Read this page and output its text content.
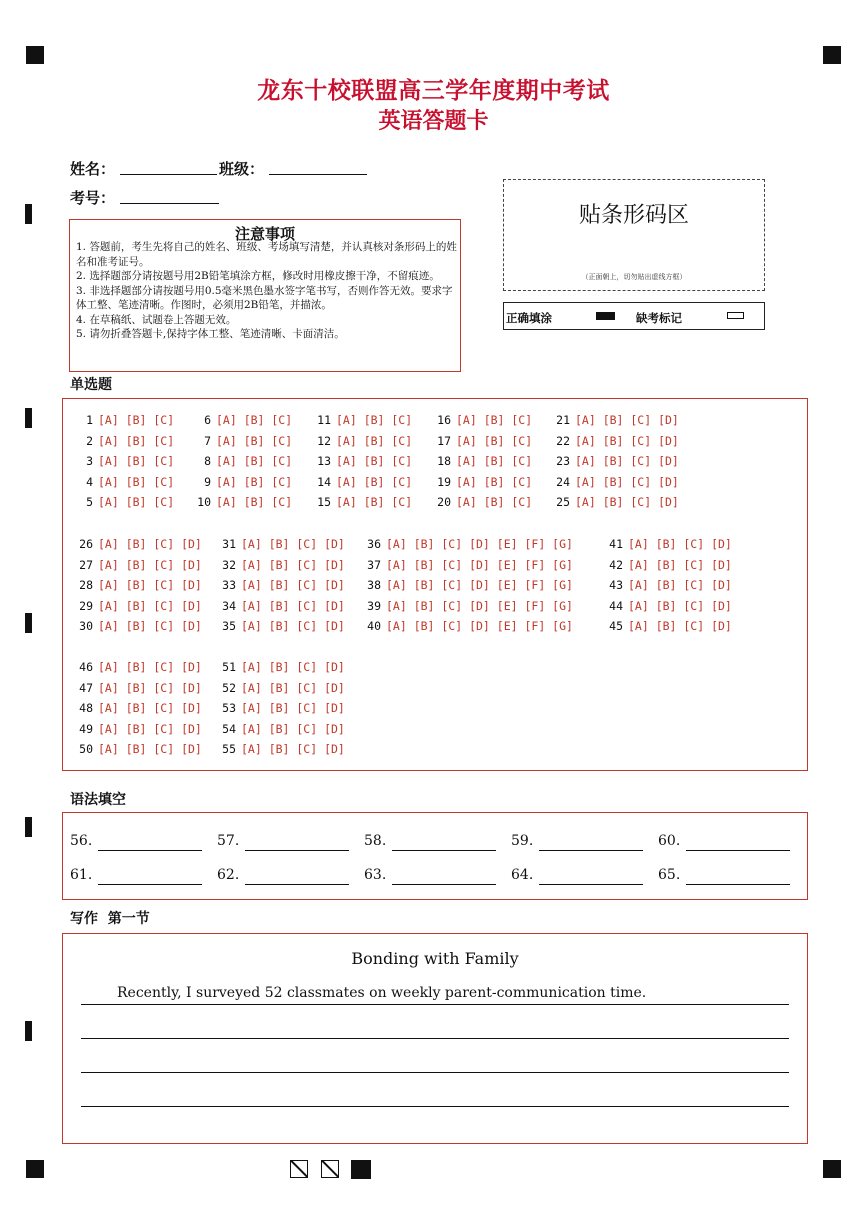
龙东十校联盟高三学年度期中考试
英语答题卡
姓名：	班级：
考号：
注意事项
1. 答题前，考生先将自己的姓名、班级、考场填写清楚，并认真核对条形码上的姓名和准考证号。
2. 选择题部分请按题号用2B铅笔填涂方框，修改时用橡皮擦干净，不留痕迹。
3. 非选择题部分请按题号用0.5毫米黑色墨水签字笔书写，否则作答无效。要求字体工整、笔迹清晰。作图时，必须用2B铅笔，并描浓。
4. 在草稿纸、试题卷上答题无效。
5. 请勿折叠答题卡,保持字体工整、笔迹清晰、卡面清洁。
贴条形码区
（正面朝上，切勿贴出虚线方框）
正确填涂	缺考标记
单选题
1 [A] [B] [C]
2 [A] [B] [C]
3 [A] [B] [C]
4 [A] [B] [C]
5 [A] [B] [C]
6 [A] [B] [C]
7 [A] [B] [C]
8 [A] [B] [C]
9 [A] [B] [C]
10 [A] [B] [C]
11 [A] [B] [C]
12 [A] [B] [C]
13 [A] [B] [C]
14 [A] [B] [C]
15 [A] [B] [C]
16 [A] [B] [C]
17 [A] [B] [C]
18 [A] [B] [C]
19 [A] [B] [C]
20 [A] [B] [C]
21 [A] [B] [C] [D]
22 [A] [B] [C] [D]
23 [A] [B] [C] [D]
24 [A] [B] [C] [D]
25 [A] [B] [C] [D]
26 [A] [B] [C] [D]
27 [A] [B] [C] [D]
28 [A] [B] [C] [D]
29 [A] [B] [C] [D]
30 [A] [B] [C] [D]
31 [A] [B] [C] [D]
32 [A] [B] [C] [D]
33 [A] [B] [C] [D]
34 [A] [B] [C] [D]
35 [A] [B] [C] [D]
36 [A] [B] [C] [D] [E] [F] [G]
37 [A] [B] [C] [D] [E] [F] [G]
38 [A] [B] [C] [D] [E] [F] [G]
39 [A] [B] [C] [D] [E] [F] [G]
40 [A] [B] [C] [D] [E] [F] [G]
41 [A] [B] [C] [D]
42 [A] [B] [C] [D]
43 [A] [B] [C] [D]
44 [A] [B] [C] [D]
45 [A] [B] [C] [D]
46 [A] [B] [C] [D]
47 [A] [B] [C] [D]
48 [A] [B] [C] [D]
49 [A] [B] [C] [D]
50 [A] [B] [C] [D]
51 [A] [B] [C] [D]
52 [A] [B] [C] [D]
53 [A] [B] [C] [D]
54 [A] [B] [C] [D]
55 [A] [B] [C] [D]
语法填空
56.	57.	58.	59.	60.
61.	62.	63.	64.	65.
写作  第一节
Bonding with Family
Recently, I surveyed 52 classmates on weekly parent-communication time.
